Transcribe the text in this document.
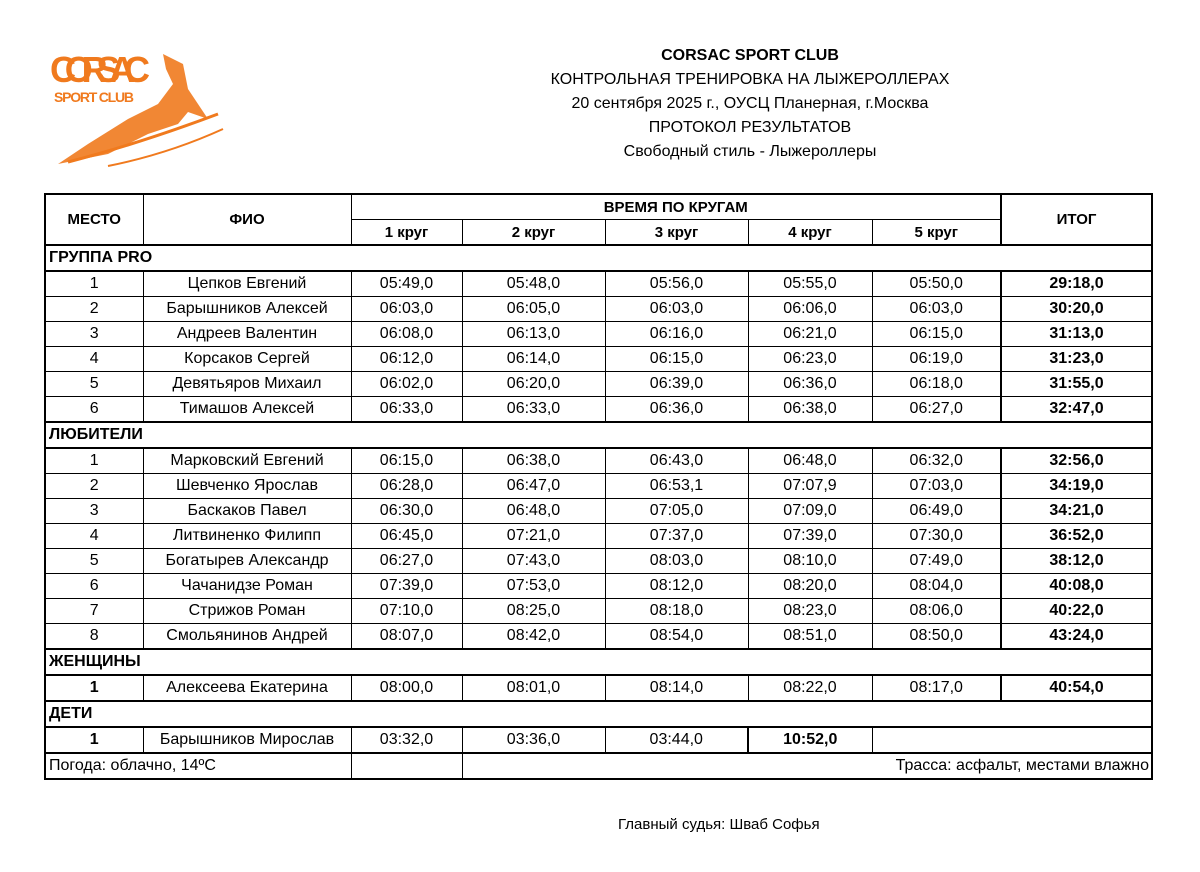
CORSAC
SPORT CLUB
CORSAC SPORT CLUB
КОНТРОЛЬНАЯ ТРЕНИРОВКА НА ЛЫЖЕРОЛЛЕРАХ
20 сентября 2025 г., ОУСЦ Планерная, г.Москва
ПРОТОКОЛ РЕЗУЛЬТАТОВ
Свободный стиль - Лыжероллеры
МЕСТО	ФИО	ВРЕМЯ ПО КРУГАМ					ИТОГ
		1 круг	2 круг	3 круг	4 круг	5 круг	
ГРУППА PRO							
1	Цепков Евгений	05:49,0	05:48,0	05:56,0	05:55,0	05:50,0	29:18,0
2	Барышников Алексей	06:03,0	06:05,0	06:03,0	06:06,0	06:03,0	30:20,0
3	Андреев Валентин	06:08,0	06:13,0	06:16,0	06:21,0	06:15,0	31:13,0
4	Корсаков Сергей	06:12,0	06:14,0	06:15,0	06:23,0	06:19,0	31:23,0
5	Девятьяров Михаил	06:02,0	06:20,0	06:39,0	06:36,0	06:18,0	31:55,0
6	Тимашов Алексей	06:33,0	06:33,0	06:36,0	06:38,0	06:27,0	32:47,0
ЛЮБИТЕЛИ							
1	Марковский Евгений	06:15,0	06:38,0	06:43,0	06:48,0	06:32,0	32:56,0
2	Шевченко Ярослав	06:28,0	06:47,0	06:53,1	07:07,9	07:03,0	34:19,0
3	Баскаков Павел	06:30,0	06:48,0	07:05,0	07:09,0	06:49,0	34:21,0
4	Литвиненко Филипп	06:45,0	07:21,0	07:37,0	07:39,0	07:30,0	36:52,0
5	Богатырев Александр	06:27,0	07:43,0	08:03,0	08:10,0	07:49,0	38:12,0
6	Чачанидзе Роман	07:39,0	07:53,0	08:12,0	08:20,0	08:04,0	40:08,0
7	Стрижов Роман	07:10,0	08:25,0	08:18,0	08:23,0	08:06,0	40:22,0
8	Смольянинов Андрей	08:07,0	08:42,0	08:54,0	08:51,0	08:50,0	43:24,0
ЖЕНЩИНЫ							
1	Алексеева Екатерина	08:00,0	08:01,0	08:14,0	08:22,0	08:17,0	40:54,0
ДЕТИ							
1	Барышников Мирослав	03:32,0	03:36,0	03:44,0	10:52,0		
Погода: облачно, 14ºС			Трасса: асфальт, местами влажно				
Главный судья: Шваб Софья
